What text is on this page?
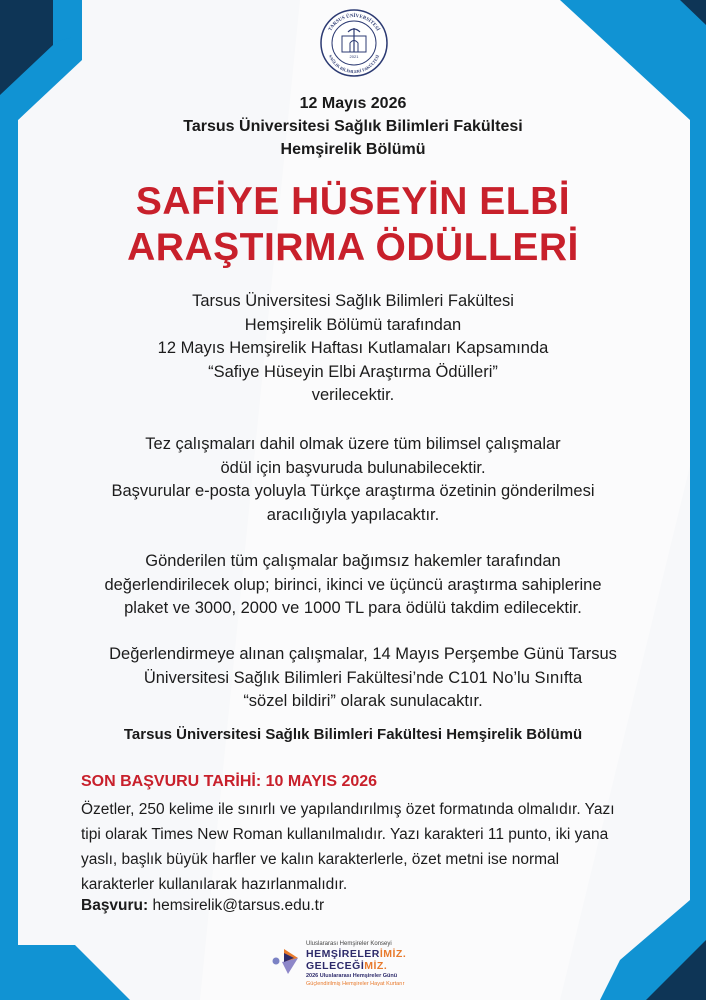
2021
TARSUS ÜNİVERSİTESİ
SAĞLIK BİLİMLERİ FAKÜLTESİ
12 Mayıs 2026
Tarsus Üniversitesi Sağlık Bilimleri Fakültesi
Hemşirelik Bölümü
SAFİYE HÜSEYİN ELBİ
ARAŞTIRMA ÖDÜLLERİ
Tarsus Üniversitesi Sağlık Bilimleri Fakültesi
Hemşirelik Bölümü tarafından
12 Mayıs Hemşirelik Haftası Kutlamaları Kapsamında
“Safiye Hüseyin Elbi Araştırma Ödülleri”
verilecektir.
Tez çalışmaları dahil olmak üzere tüm bilimsel çalışmalar
ödül için başvuruda bulunabilecektir.
Başvurular e-posta yoluyla Türkçe araştırma özetinin gönderilmesi
aracılığıyla yapılacaktır.
Gönderilen tüm çalışmalar bağımsız hakemler tarafından
değerlendirilecek olup; birinci, ikinci ve üçüncü araştırma sahiplerine
plaket ve 3000, 2000 ve 1000 TL para ödülü takdim edilecektir.
Değerlendirmeye alınan çalışmalar, 14 Mayıs Perşembe Günü Tarsus
Üniversitesi Sağlık Bilimleri Fakültesi’nde C101 No’lu Sınıfta
“sözel bildiri” olarak sunulacaktır.
Tarsus Üniversitesi Sağlık Bilimleri Fakültesi Hemşirelik Bölümü
SON BAŞVURU TARİHİ: 10 MAYIS 2026
Özetler, 250 kelime ile sınırlı ve yapılandırılmış özet formatında olmalıdır. Yazı
tipi olarak Times New Roman kullanılmalıdır. Yazı karakteri 11 punto, iki yana
yaslı, başlık büyük harfler ve kalın karakterlerle, özet metni ise normal
karakterler kullanılarak hazırlanmalıdır.
Başvuru: hemsirelik@tarsus.edu.tr
Uluslararası Hemşireler Konseyi
HEMŞİRELERİMİZ.
GELECEĞİMİZ.
2026 Uluslararası Hemşireler Günü
Güçlendirilmiş Hemşireler Hayat Kurtarır
